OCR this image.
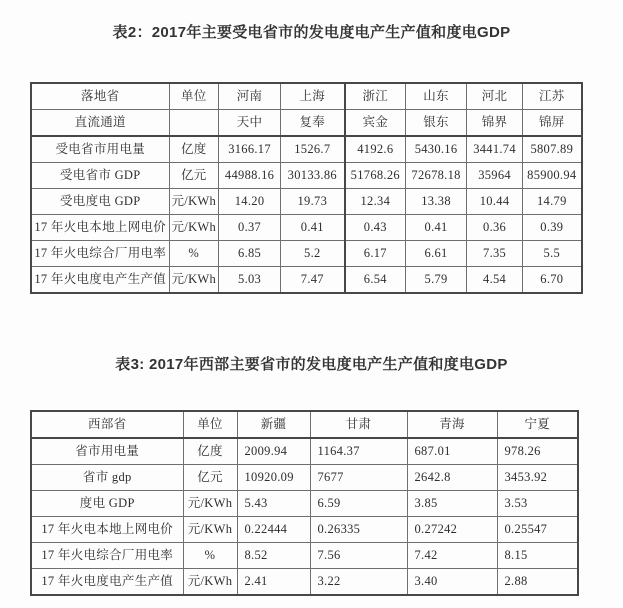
表2：2017年主要受电省市的发电度电产生产值和度电GDP
落地省	单位	河南	上海	浙江	山东	河北	江苏
直流通道		天中	复奉	宾金	银东	锦界	锦屏
受电省市用电量	亿度	3166.17	1526.7	4192.6	5430.16	3441.74	5807.89
受电省市 GDP	亿元	44988.16	30133.86	51768.26	72678.18	35964	85900.94
受电度电 GDP	元/KWh	14.20	19.73	12.34	13.38	10.44	14.79
17 年火电本地上网电价	元/KWh	0.37	0.41	0.43	0.41	0.36	0.39
17 年火电综合厂用电率	%	6.85	5.2	6.17	6.61	7.35	5.5
17 年火电度电产生产值	元/KWh	5.03	7.47	6.54	5.79	4.54	6.70
表3: 2017年西部主要省市的发电度电产生产值和度电GDP
西部省	单位	新疆	甘肃	青海	宁夏
省市用电量	亿度	2009.94	1164.37	687.01	978.26
省市 gdp	亿元	10920.09	7677	2642.8	3453.92
度电 GDP	元/KWh	5.43	6.59	3.85	3.53
17 年火电本地上网电价	元/KWh	0.22444	0.26335	0.27242	0.25547
17 年火电综合厂用电率	%	8.52	7.56	7.42	8.15
17 年火电度电产生产值	元/KWh	2.41	3.22	3.40	2.88
